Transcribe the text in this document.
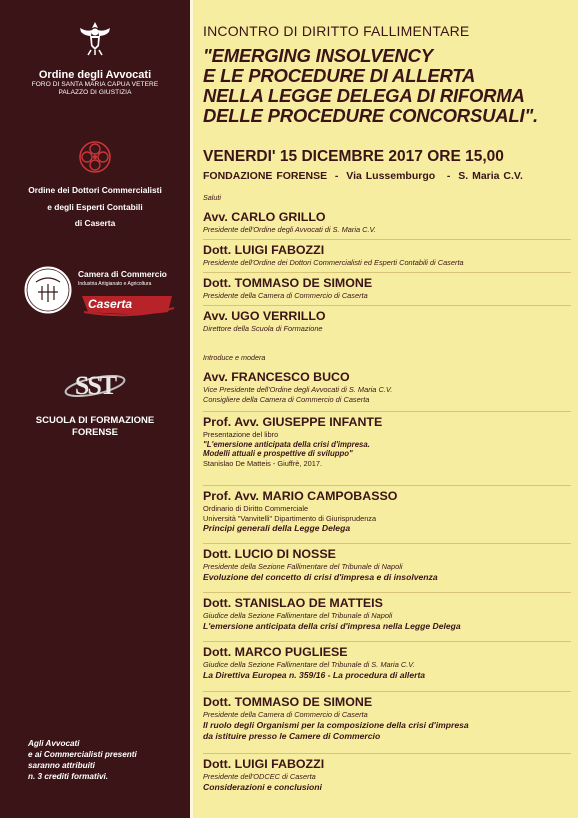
Ordine degli Avvocati
FORO DI SANTA MARIA CAPUA VETERE
PALAZZO DI GIUSTIZIA
Ordine dei Dottori Commercialisti
e degli Esperti Contabili
di Caserta
Camera di Commercio
Industria Artigianato e Agricoltura
Caserta
SST
SCUOLA DI FORMAZIONE
FORENSE
Agli Avvocati
e ai Commercialisti presenti
saranno attribuiti
n. 3 crediti formativi.
INCONTRO DI DIRITTO FALLIMENTARE
"EMERGING INSOLVENCY
E LE PROCEDURE DI ALLERTA
NELLA LEGGE DELEGA DI RIFORMA
DELLE PROCEDURE CONCORSUALI".
VENERDI' 15 DICEMBRE 2017 ORE 15,00
FONDAZIONE FORENSE  -  Via Lussemburgo   -  S. Maria C.V.
Saluti
Avv. CARLO GRILLO
Presidente dell'Ordine degli Avvocati di S. Maria C.V.
Dott. LUIGI FABOZZI
Presidente dell'Ordine dei Dottori Commercialisti ed Esperti Contabili di Caserta
Dott. TOMMASO DE SIMONE
Presidente della Camera di Commercio di Caserta
Avv. UGO VERRILLO
Direttore della Scuola di Formazione
Introduce e modera
Avv. FRANCESCO BUCO
Vice Presidente dell'Ordine degli Avvocati di S. Maria C.V.
Consigliere della Camera di Commercio di Caserta
Prof. Avv. GIUSEPPE INFANTE
Presentazione del libro
"L'emersione anticipata della crisi d'impresa.
Modelli attuali e prospettive di sviluppo"
Stanislao De Matteis - Giuffrè, 2017.
Prof. Avv. MARIO CAMPOBASSO
Ordinario di Diritto Commerciale
Università "Vanvitelli" Dipartimento di Giurisprudenza
Principi generali della Legge Delega
Dott. LUCIO DI NOSSE
Presidente della Sezione Fallimentare del Tribunale di Napoli
Evoluzione del concetto di crisi d'impresa e di insolvenza
Dott. STANISLAO DE MATTEIS
Giudice della Sezione Fallimentare del Tribunale di Napoli
L'emersione anticipata della crisi d'impresa nella Legge Delega
Dott. MARCO PUGLIESE
Giudice della Sezione Fallimentare del Tribunale di S. Maria C.V.
La Direttiva Europea n. 359/16 - La procedura di allerta
Dott. TOMMASO DE SIMONE
Presidente della Camera di Commercio di Caserta
Il ruolo degli Organismi per la composizione della crisi d'impresa
da istituire presso le Camere di Commercio
Dott. LUIGI FABOZZI
Presidente dell'ODCEC di Caserta
Considerazioni e conclusioni
